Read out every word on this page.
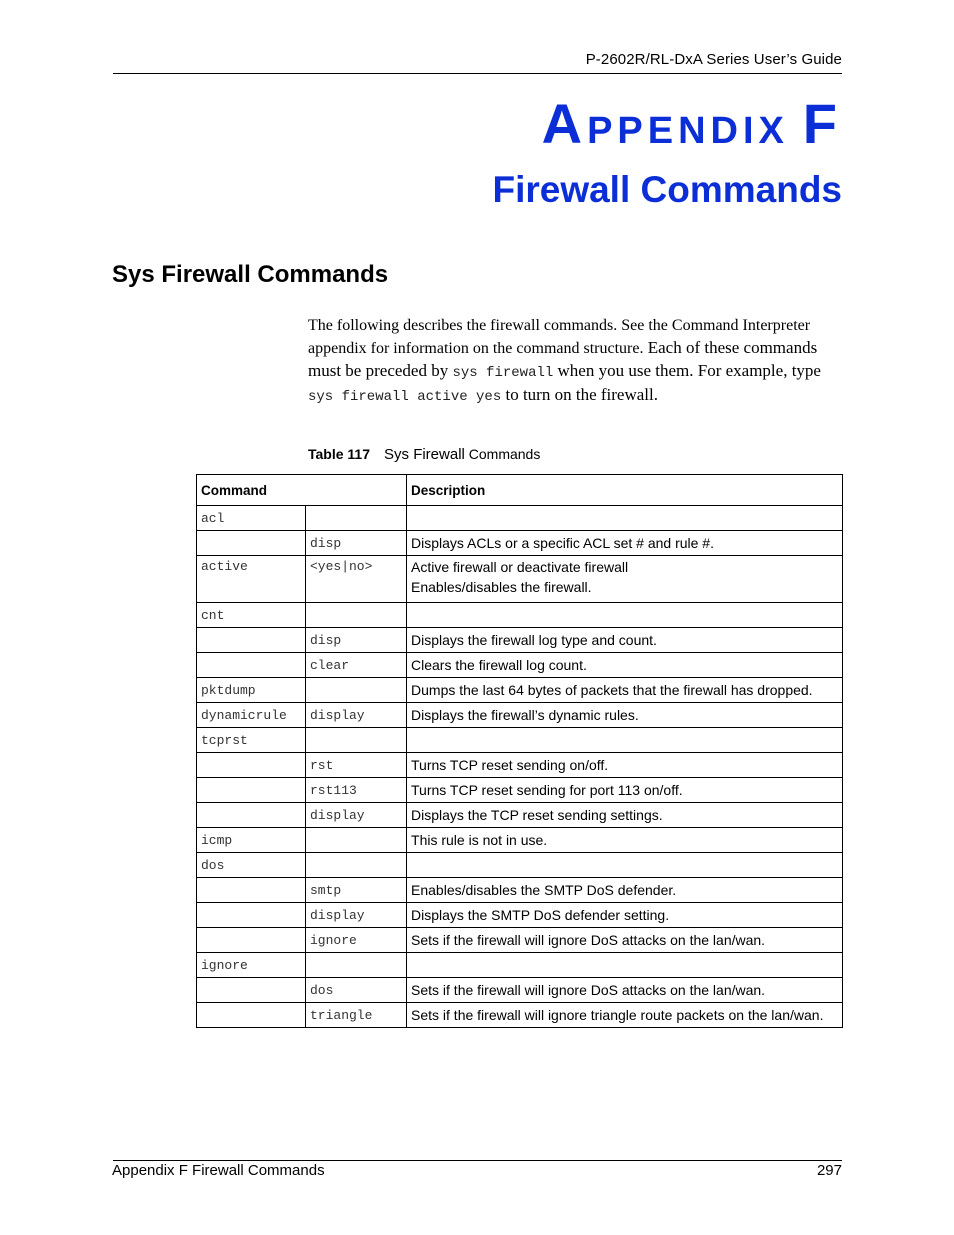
P-2602R/RL-DxA Series User’s Guide
APPENDIX F
Firewall Commands
Sys Firewall Commands

The following describes the firewall commands. See the Command Interpreter appendix for information on the command structure. Each of these commands must be preceded by sys firewall when you use them. For example, type sys firewall active yes to turn on the firewall.

Table 117 Sys Firewall Commands

Command		Description
acl		
	disp	Displays ACLs or a specific ACL set # and rule #.
active	<yes|no>	Active firewall or deactivate firewall
Enables/disables the firewall.

cnt		
	disp	Displays the firewall log type and count.
	clear	Clears the firewall log count.
pktdump		Dumps the last 64 bytes of packets that the firewall has dropped.
dynamicrule	display	Displays the firewall’s dynamic rules.
tcprst		
	rst	Turns TCP reset sending on/off.
	rst113	Turns TCP reset sending for port 113 on/off.
	display	Displays the TCP reset sending settings.
icmp		This rule is not in use.
dos		
	smtp	Enables/disables the SMTP DoS defender.
	display	Displays the SMTP DoS defender setting.
	ignore	Sets if the firewall will ignore DoS attacks on the lan/wan.
ignore		
	dos	Sets if the firewall will ignore DoS attacks on the lan/wan.
	triangle	Sets if the firewall will ignore triangle route packets on the lan/wan.
Appendix F Firewall Commands	297
